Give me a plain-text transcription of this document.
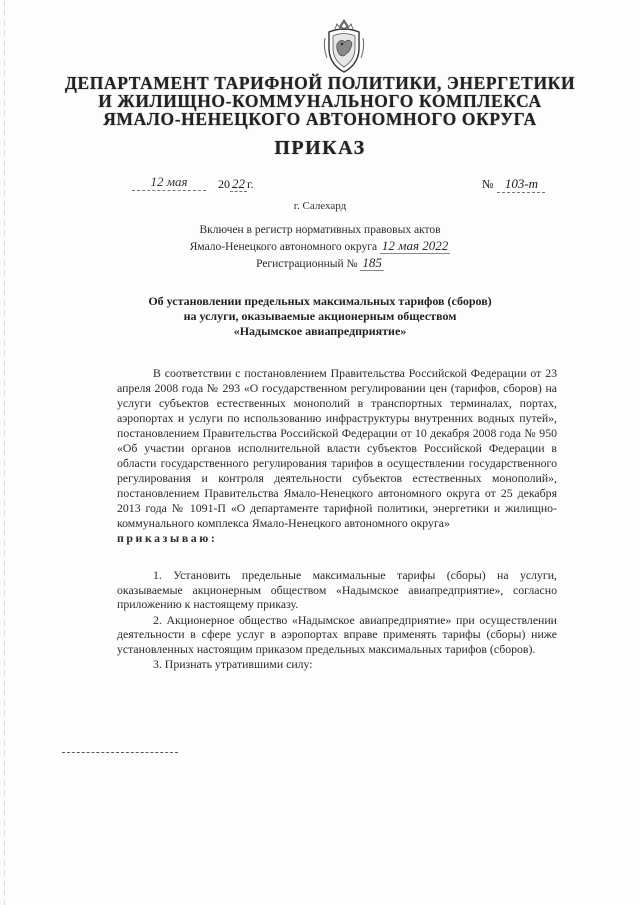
ДЕПАРТАМЕНТ ТАРИФНОЙ ПОЛИТИКИ, ЭНЕРГЕТИКИ
И ЖИЛИЩНО-КОММУНАЛЬНОГО КОМПЛЕКСА
ЯМАЛО-НЕНЕЦКОГО АВТОНОМНОГО ОКРУГА
ПРИКАЗ
12 мая	20 22 г.	№ 103-т
г. Салехард
Включен в регистр нормативных правовых актов
Ямало-Ненецкого автономного округа 12 мая 2022
Регистрационный № 185
Об установлении предельных максимальных тарифов (сборов)
на услуги, оказываемые акционерным обществом
«Надымское авиапредприятие»

В соответствии с постановлением Правительства Российской Федерации от 23 апреля 2008 года № 293 «О государственном регулировании цен (тарифов, сборов) на услуги субъектов естественных монополий в транспортных терминалах, портах, аэропортах и услуги по использованию инфраструктуры внутренних водных путей», постановлением Правительства Российской Федерации от 10 декабря 2008 года № 950 «Об участии органов исполнительной власти субъектов Российской Федерации в области государственного регулирования тарифов в осуществлении государственного регулирования и контроля деятельности субъектов естественных монополий», постановлением Правительства Ямало-Ненецкого автономного округа от 25 декабря 2013 года № 1091-П «О департаменте тарифной политики, энергетики и жилищно-коммунального комплекса Ямало-Ненецкого автономного округа»

приказываю:

1. Установить предельные максимальные тарифы (сборы) на услуги, оказываемые акционерным обществом «Надымское авиапредприятие», согласно приложению к настоящему приказу.

2. Акционерное общество «Надымское авиапредприятие» при осуществлении деятельности в сфере услуг в аэропортах вправе применять тарифы (сборы) ниже установленных настоящим приказом предельных максимальных тарифов (сборов).

3. Признать утратившими силу:
